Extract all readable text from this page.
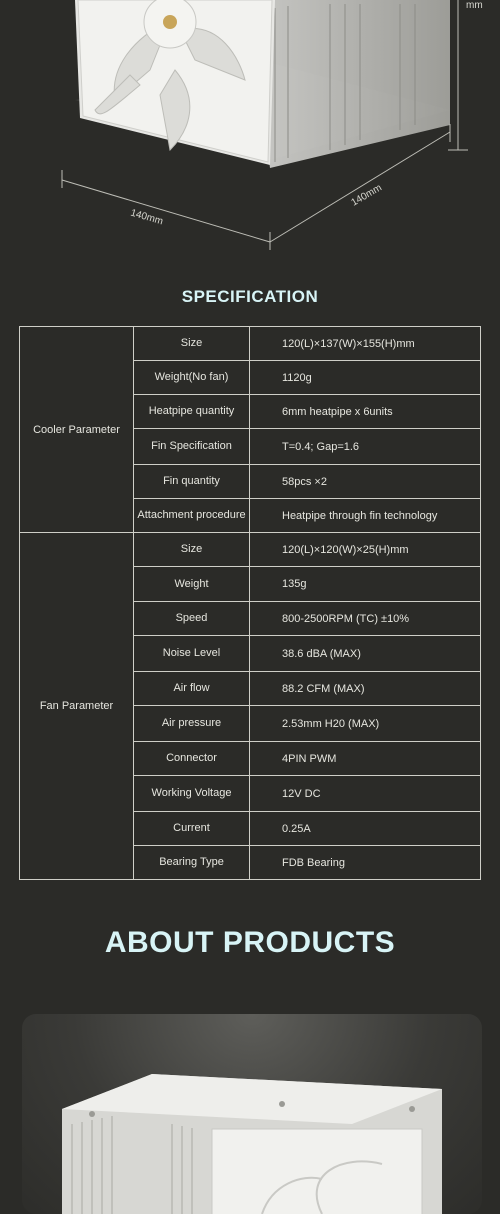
140mm
140mm
mm
SPECIFICATION
Cooler Parameter	Size	120(L)×137(W)×155(H)mm
	Weight(No fan)	1120g
	Heatpipe quantity	6mm heatpipe x 6units
	Fin Specification	T=0.4; Gap=1.6
	Fin quantity	58pcs ×2
	Attachment procedure	Heatpipe through fin technology
Fan Parameter	Size	120(L)×120(W)×25(H)mm
	Weight	135g
	Speed	800-2500RPM (TC) ±10%
	Noise Level	38.6 dBA (MAX)
	Air flow	88.2 CFM (MAX)
	Air pressure	2.53mm H20 (MAX)
	Connector	4PIN PWM
	Working Voltage	12V DC
	Current	0.25A
	Bearing Type	FDB Bearing
ABOUT PRODUCTS
